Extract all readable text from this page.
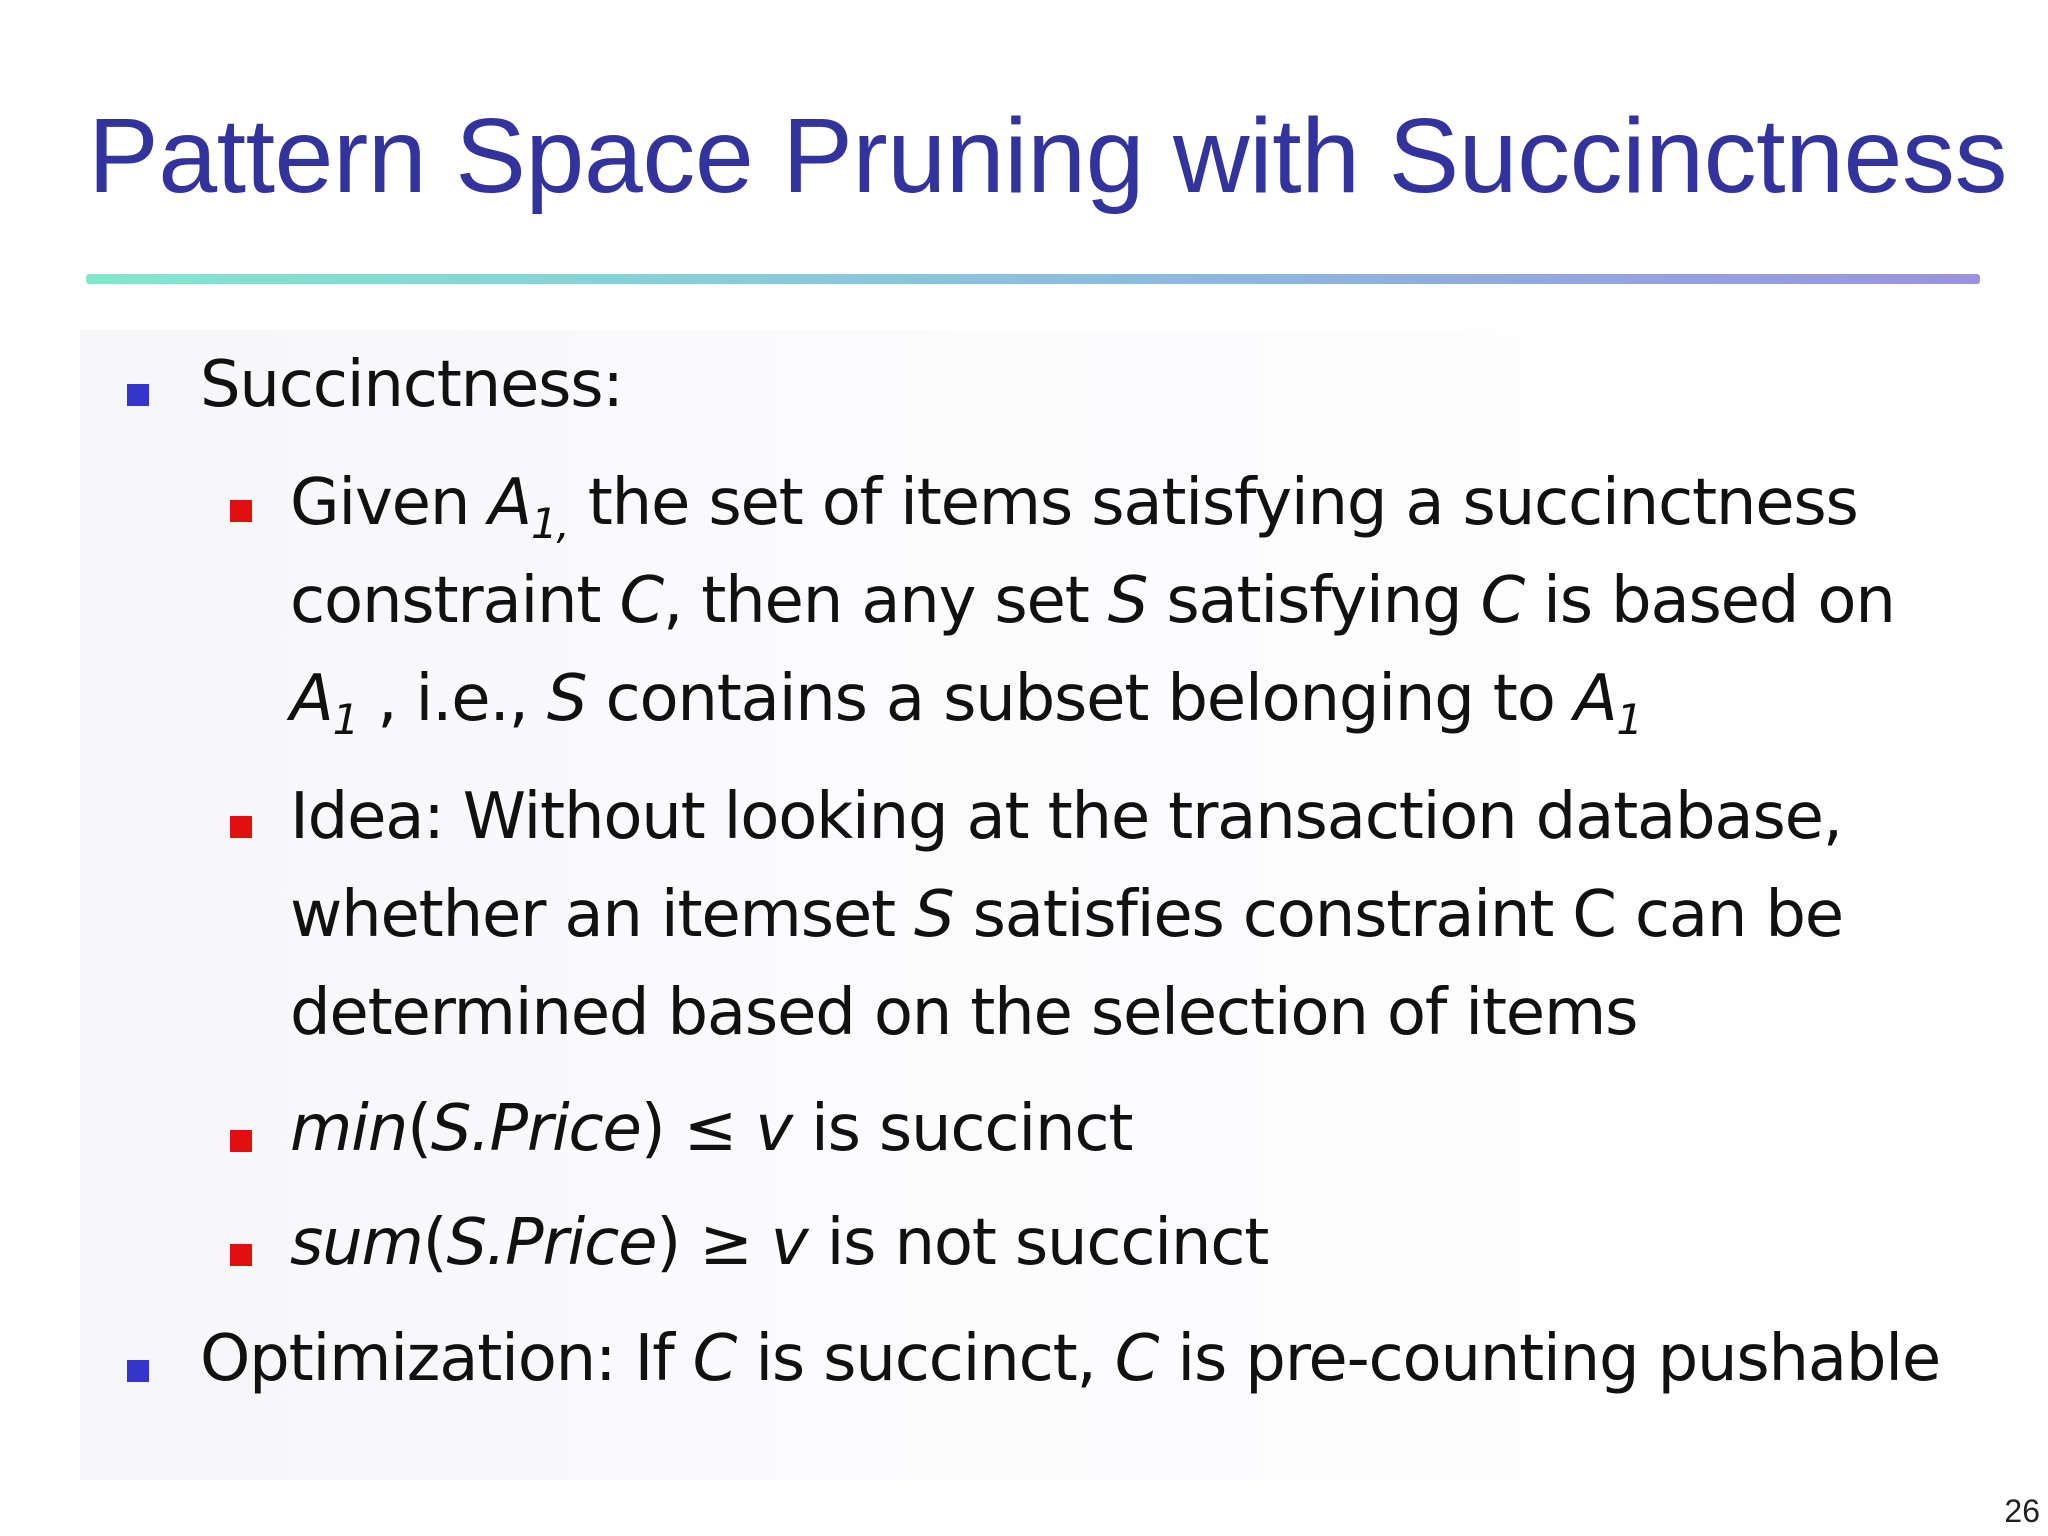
Pattern Space Pruning with Succinctness

Succinctness:

Given $A_{1,}$ the set of items satisfying a succinctness

constraint C, then any set S satisfying C is based on

$A_1$ , i.e., S contains a subset belonging to $A_1$

Idea: Without looking at the transaction database,

whether an itemset S satisfies constraint C can be

determined based on the selection of items

min(S.Price) ≤ v is succinct

sum(S.Price) ≥ v is not succinct

Optimization: If C is succinct, C is pre-counting pushable

26
